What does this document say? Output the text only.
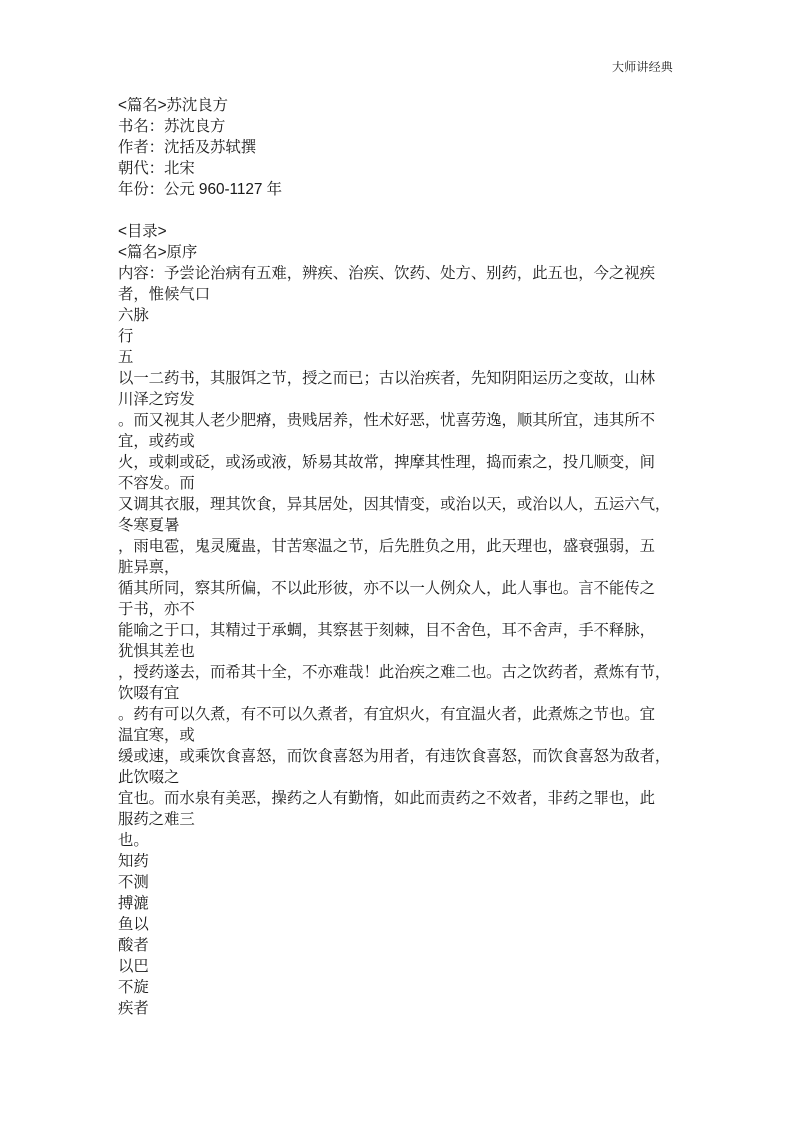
大师讲经典
<篇名>苏沈良方
书名：苏沈良方
作者：沈括及苏轼撰
朝代：北宋
年份：公元 960-1127 年
<目录>
<篇名>原序
内容：予尝论治病有五难，辨疾、治疾、饮药、处方、别药，此五也，今之视疾
者，惟候气口
六脉
行
五
以一二药书，其服饵之节，授之而已；古以治疾者，先知阴阳运历之变故，山林
川泽之窍发
。而又视其人老少肥瘠，贵贱居养，性术好恶，忧喜劳逸，顺其所宜，违其所不
宜，或药或
火，或刺或砭，或汤或液，矫易其故常，捭摩其性理，捣而索之，投几顺变，间
不容发。而
又调其衣服，理其饮食，异其居处，因其情变，或治以天，或治以人，五运六气，
冬寒夏暑
，雨电雹，鬼灵魇蛊，甘苦寒温之节，后先胜负之用，此天理也，盛衰强弱，五
脏异禀，
循其所同，察其所偏，不以此形彼，亦不以一人例众人，此人事也。言不能传之
于书，亦不
能喻之于口，其精过于承蜩，其察甚于刻棘，目不舍色，耳不舍声，手不释脉，
犹惧其差也
，授药遂去，而希其十全，不亦难哉！此治疾之难二也。古之饮药者，煮炼有节，
饮啜有宜
。药有可以久煮，有不可以久煮者，有宜炽火，有宜温火者，此煮炼之节也。宜
温宜寒，或
缓或速，或乘饮食喜怒，而饮食喜怒为用者，有违饮食喜怒，而饮食喜怒为敌者，
此饮啜之
宜也。而水泉有美恶，操药之人有勤惰，如此而责药之不效者，非药之罪也，此
服药之难三
也。
知药
不测
搏漉
鱼以
酸者
以巴
不旋
疾者
